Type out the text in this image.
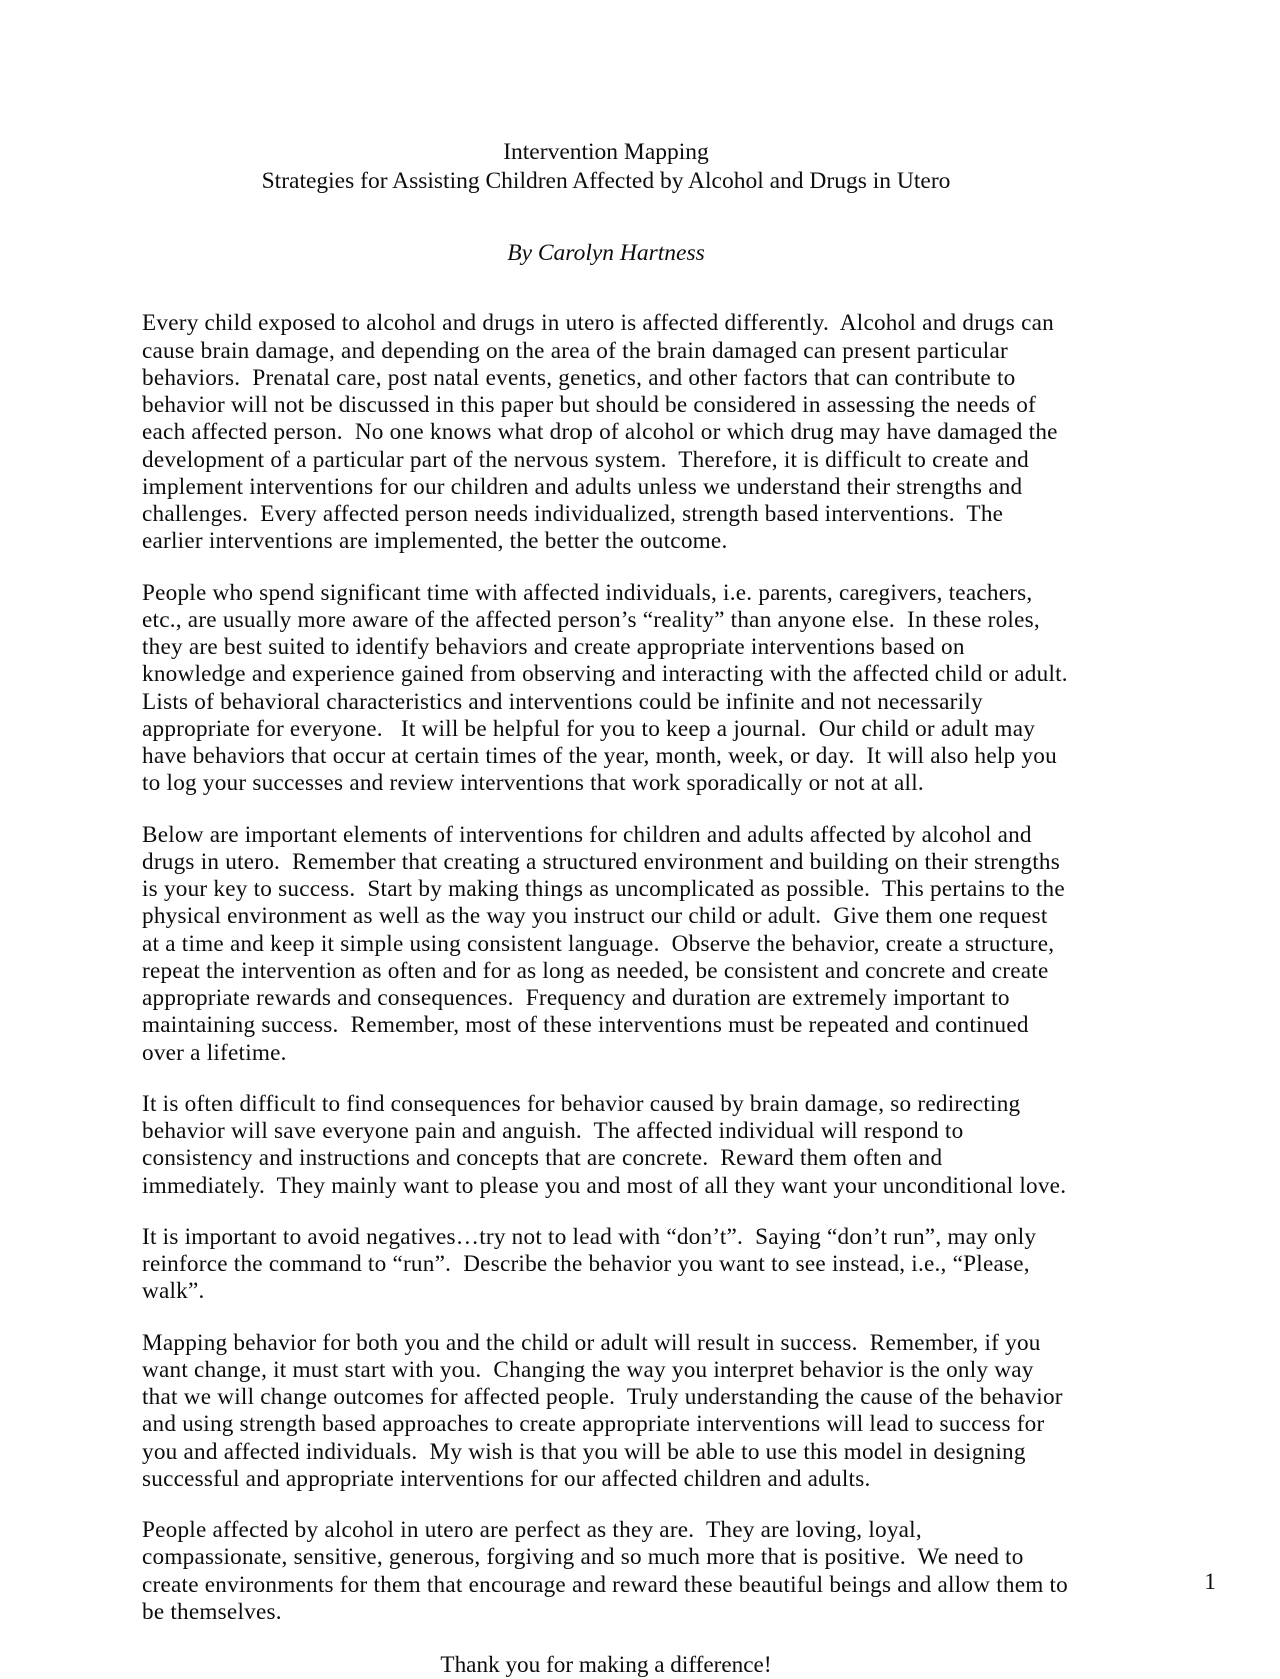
Intervention Mapping
Strategies for Assisting Children Affected by Alcohol and Drugs in Utero
By Carolyn Hartness

Every child exposed to alcohol and drugs in utero is affected differently.  Alcohol and drugs can cause brain damage, and depending on the area of the brain damaged can present particular behaviors.  Prenatal care, post natal events, genetics, and other factors that can contribute to behavior will not be discussed in this paper but should be considered in assessing the needs of each affected person.  No one knows what drop of alcohol or which drug may have damaged the development of a particular part of the nervous system.  Therefore, it is difficult to create and implement interventions for our children and adults unless we understand their strengths and challenges.  Every affected person needs individualized, strength based interventions.  The earlier interventions are implemented, the better the outcome.

People who spend significant time with affected individuals, i.e. parents, caregivers, teachers, etc., are usually more aware of the affected person’s “reality” than anyone else.  In these roles, they are best suited to identify behaviors and create appropriate interventions based on knowledge and experience gained from observing and interacting with the affected child or adult.  Lists of behavioral characteristics and interventions could be infinite and not necessarily appropriate for everyone.   It will be helpful for you to keep a journal.  Our child or adult may have behaviors that occur at certain times of the year, month, week, or day.  It will also help you to log your successes and review interventions that work sporadically or not at all.

Below are important elements of interventions for children and adults affected by alcohol and drugs in utero.  Remember that creating a structured environment and building on their strengths is your key to success.  Start by making things as uncomplicated as possible.  This pertains to the physical environment as well as the way you instruct our child or adult.  Give them one request at a time and keep it simple using consistent language.  Observe the behavior, create a structure, repeat the intervention as often and for as long as needed, be consistent and concrete and create appropriate rewards and consequences.  Frequency and duration are extremely important to maintaining success.  Remember, most of these interventions must be repeated and continued over a lifetime.

It is often difficult to find consequences for behavior caused by brain damage, so redirecting behavior will save everyone pain and anguish.  The affected individual will respond to consistency and instructions and concepts that are concrete.  Reward them often and immediately.  They mainly want to please you and most of all they want your unconditional love.

It is important to avoid negatives…try not to lead with “don’t”.  Saying “don’t run”, may only reinforce the command to “run”.  Describe the behavior you want to see instead, i.e., “Please, walk”.

Mapping behavior for both you and the child or adult will result in success.  Remember, if you want change, it must start with you.  Changing the way you interpret behavior is the only way that we will change outcomes for affected people.  Truly understanding the cause of the behavior and using strength based approaches to create appropriate interventions will lead to success for you and affected individuals.  My wish is that you will be able to use this model in designing successful and appropriate interventions for our affected children and adults.

People affected by alcohol in utero are perfect as they are.  They are loving, loyal, compassionate, sensitive, generous, forgiving and so much more that is positive.  We need to create environments for them that encourage and reward these beautiful beings and allow them to be themselves.

Thank you for making a difference!
1
